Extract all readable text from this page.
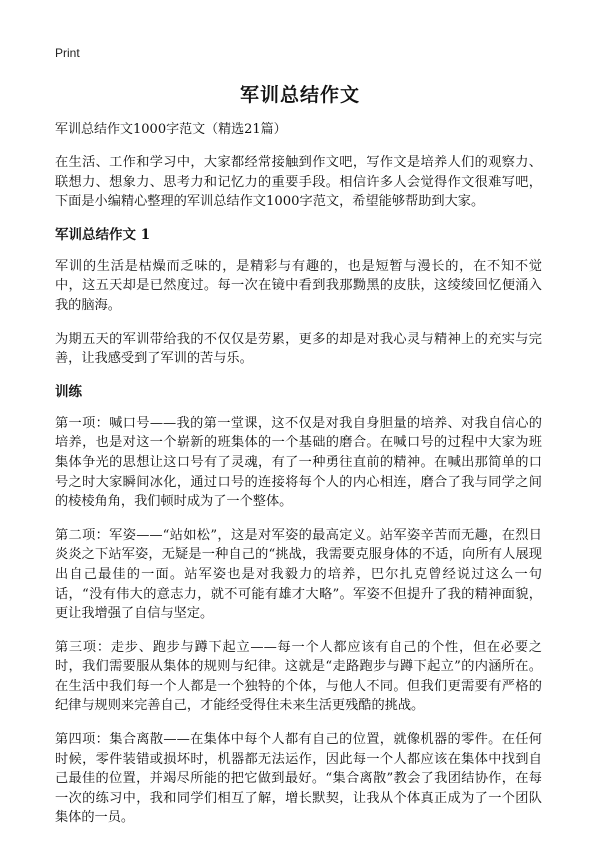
Print
军训总结作文
军训总结作文1000字范文（精选21篇）

在生活、工作和学习中，大家都经常接触到作文吧，写作文是培养人们的观察力、联想力、想象力、思考力和记忆力的重要手段。相信许多人会觉得作文很难写吧，下面是小编精心整理的军训总结作文1000字范文，希望能够帮助到大家。

军训总结作文 1

军训的生活是枯燥而乏味的，是精彩与有趣的，也是短暂与漫长的，在不知不觉中，这五天却是已然度过。每一次在镜中看到我那黝黑的皮肤，这绫绫回忆便涌入我的脑海。

为期五天的军训带给我的不仅仅是劳累，更多的却是对我心灵与精神上的充实与完善，让我感受到了军训的苦与乐。

训练

第一项：喊口号——我的第一堂课，这不仅是对我自身胆量的培养、对我自信心的培养，也是对这一个崭新的班集体的一个基础的磨合。在喊口号的过程中大家为班集体争光的思想让这口号有了灵魂，有了一种勇往直前的精神。在喊出那简单的口号之时大家瞬间冰化，通过口号的连接将每个人的内心相连，磨合了我与同学之间的棱棱角角，我们顿时成为了一个整体。

第二项：军姿——“站如松”，这是对军姿的最高定义。站军姿辛苦而无趣，在烈日炎炎之下站军姿，无疑是一种自己的“挑战，我需要克服身体的不适，向所有人展现出自己最佳的一面。站军姿也是对我毅力的培养，巴尔扎克曾经说过这么一句话，“没有伟大的意志力，就不可能有雄才大略”。军姿不但提升了我的精神面貌，更让我增强了自信与坚定。

第三项：走步、跑步与蹲下起立——每一个人都应该有自己的个性，但在必要之时，我们需要服从集体的规则与纪律。这就是“走路跑步与蹲下起立”的内涵所在。在生活中我们每一个人都是一个独特的个体，与他人不同。但我们更需要有严格的纪律与规则来完善自己，才能经受得住未来生活更残酷的挑战。

第四项：集合离散——在集体中每个人都有自己的位置，就像机器的零件。在任何时候，零件装错或损坏时，机器都无法运作，因此每一个人都应该在集体中找到自己最佳的位置，并竭尽所能的把它做到最好。“集合离散”教会了我团结协作，在每一次的练习中，我和同学们相互了解，增长默契，让我从个体真正成为了一个团队集体的一员。
